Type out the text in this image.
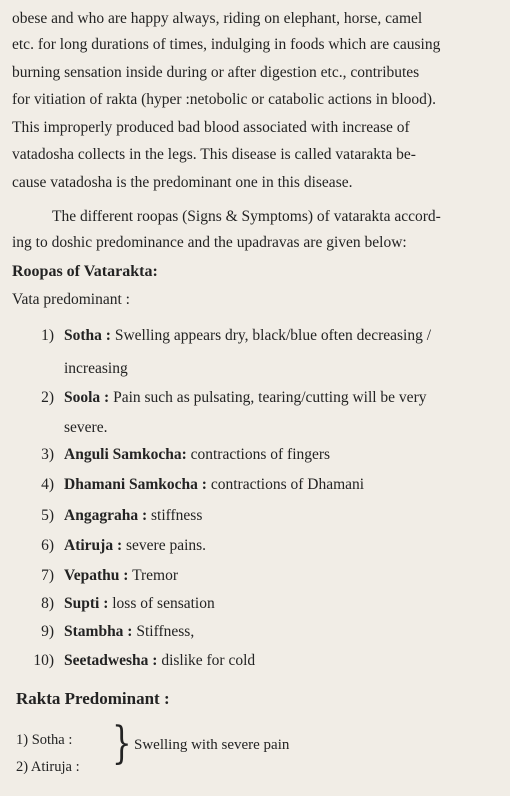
obese and who are happy always, riding on elephant, horse, camel
etc. for long durations of times, indulging in foods which are causing
burning sensation inside during or after digestion etc., contributes
for vitiation of rakta (hyper :netobolic or catabolic actions in blood).
This improperly produced bad blood associated with increase of
vatadosha collects in the legs. This disease is called vatarakta be-
cause vatadosha is the predominant one in this disease.
The different roopas (Signs & Symptoms) of vatarakta accord-
ing to doshic predominance and the upadravas are given below:
Roopas of Vatarakta:
Vata predominant :
1) Sotha : Swelling appears dry, black/blue often decreasing /
increasing
2) Soola : Pain such as pulsating, tearing/cutting will be very
severe.
3) Anguli Samkocha: contractions of fingers
4) Dhamani Samkocha : contractions of Dhamani
5) Angagraha : stiffness
6) Atiruja : severe pains.
7) Vepathu : Tremor
8) Supti : loss of sensation
9) Stambha : Stiffness,
10) Seetadwesha : dislike for cold
Rakta Predominant :
1) Sotha :
2) Atiruja : } Swelling with severe pain
